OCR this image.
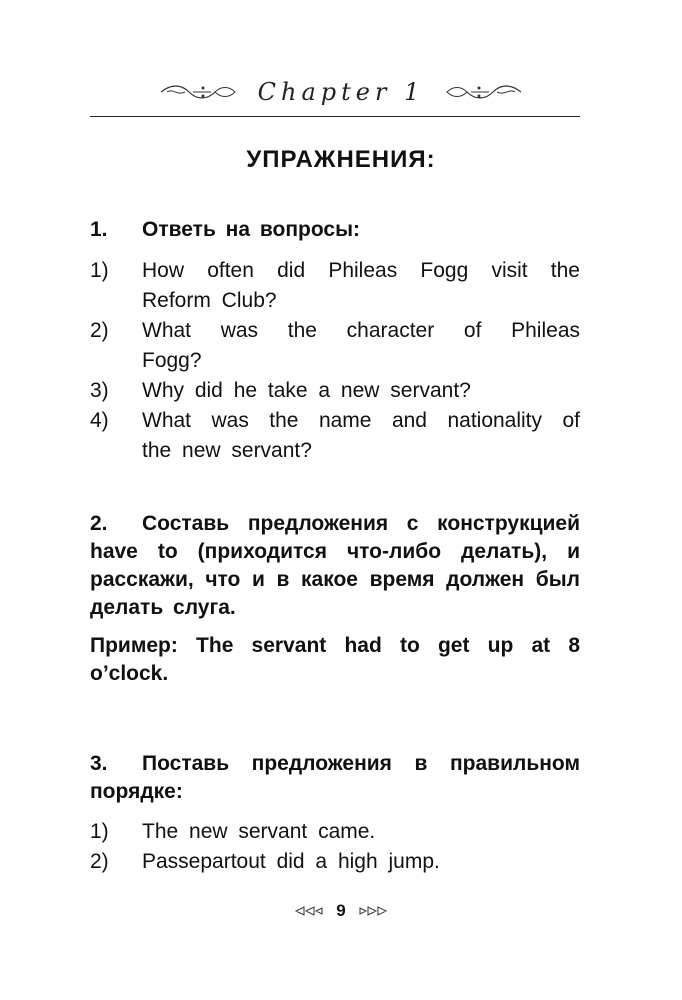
Chapter 1
УПРАЖНЕНИЯ:
1. Ответь на вопросы:
1) How often did Phileas Fogg visit the
Reform Club?
2) What was the character of Phileas
Fogg?
3) Why did he take a new servant?
4) What was the name and nationality of
the new servant?
2. Составь предложения с конструкцией have to (приходится что-либо делать), и расскажи, что и в какое время должен был делать слуга.
Пример: The servant had to get up at 8 o’clock.
3. Поставь предложения в правильном порядке:
1) The new servant came.
2) Passepartout did a high jump.
9
